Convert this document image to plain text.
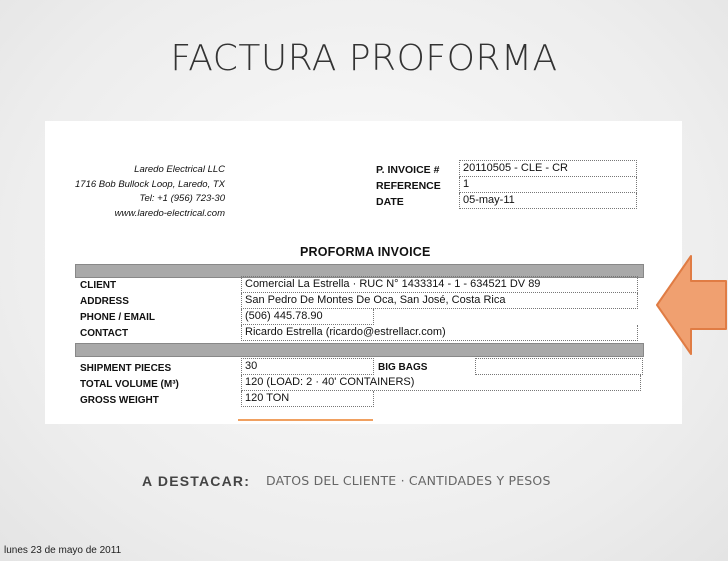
FACTURA PROFORMA
Laredo Electrical LLC
1716 Bob Bullock Loop, Laredo, TX
Tel: +1 (956) 723-30
www.laredo-electrical.com
P. INVOICE #
REFERENCE
DATE
20110505 - CLE - CR
1
05-may-11
PROFORMA INVOICE
CLIENT
ADDRESS
PHONE / EMAIL
CONTACT
Comercial La Estrella · RUC N° 1433314 - 1 - 634521 DV 89
San Pedro De Montes De Oca, San José, Costa Rica
(506) 445.78.90
Ricardo Estrella (ricardo@estrellacr.com)
SHIPMENT PIECES
TOTAL VOLUME (M³)
GROSS WEIGHT
30
120 (LOAD: 2 · 40' CONTAINERS)
120 TON
BIG BAGS
A DESTACAR: DATOS DEL CLIENTE · CANTIDADES Y PESOS
lunes 23 de mayo de 2011
